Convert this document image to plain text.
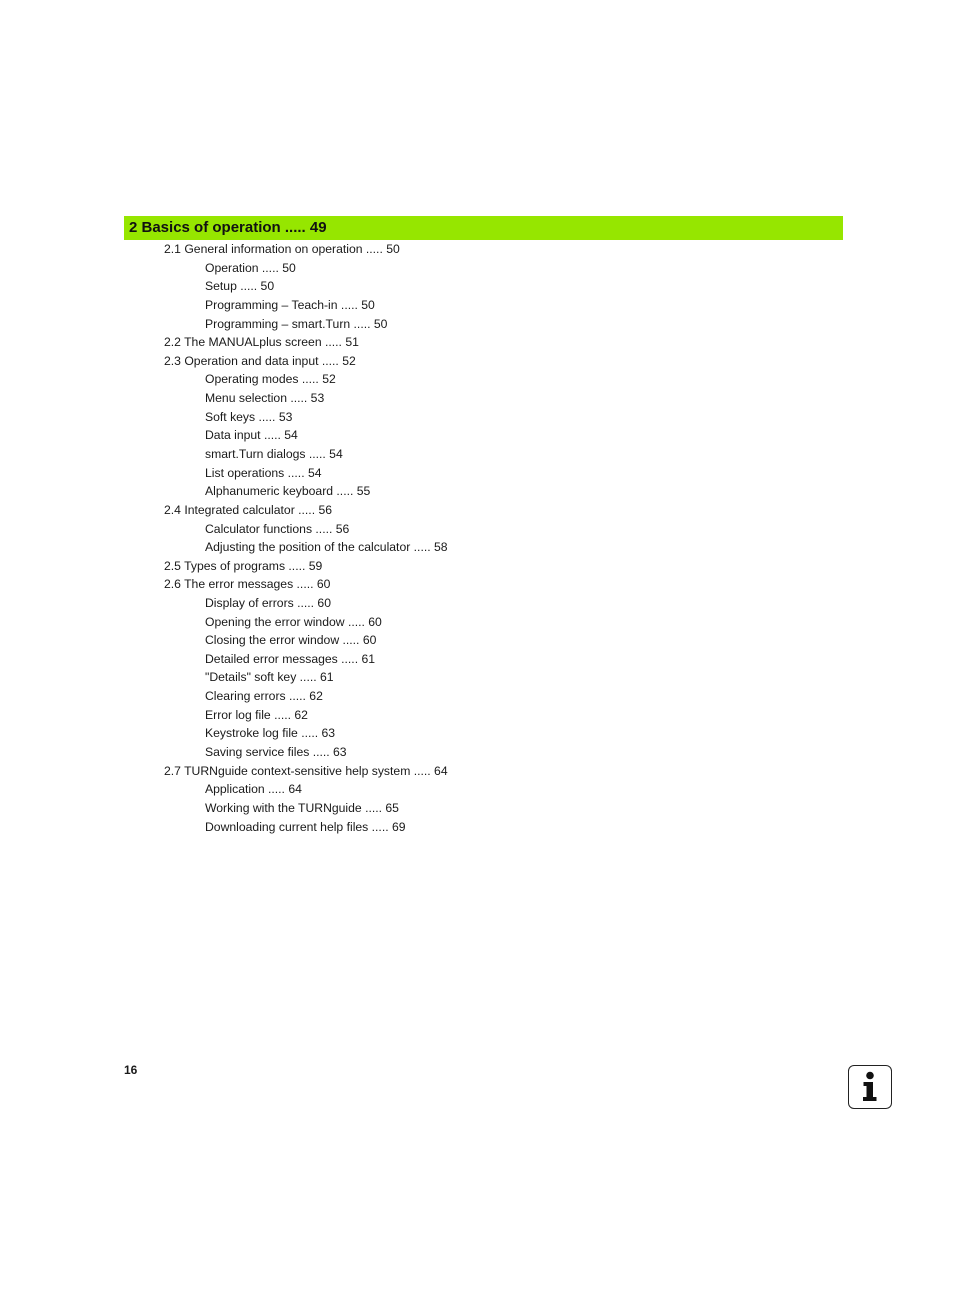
2 Basics of operation ..... 49
2.1 General information on operation ..... 50
Operation ..... 50
Setup ..... 50
Programming – Teach-in ..... 50
Programming – smart.Turn ..... 50
2.2 The MANUALplus screen ..... 51
2.3 Operation and data input ..... 52
Operating modes ..... 52
Menu selection ..... 53
Soft keys ..... 53
Data input ..... 54
smart.Turn dialogs ..... 54
List operations ..... 54
Alphanumeric keyboard ..... 55
2.4 Integrated calculator ..... 56
Calculator functions ..... 56
Adjusting the position of the calculator ..... 58
2.5 Types of programs ..... 59
2.6 The error messages ..... 60
Display of errors ..... 60
Opening the error window ..... 60
Closing the error window ..... 60
Detailed error messages ..... 61
"Details" soft key ..... 61
Clearing errors ..... 62
Error log file ..... 62
Keystroke log file ..... 63
Saving service files ..... 63
2.7 TURNguide context-sensitive help system ..... 64
Application ..... 64
Working with the TURNguide ..... 65
Downloading current help files ..... 69
16
